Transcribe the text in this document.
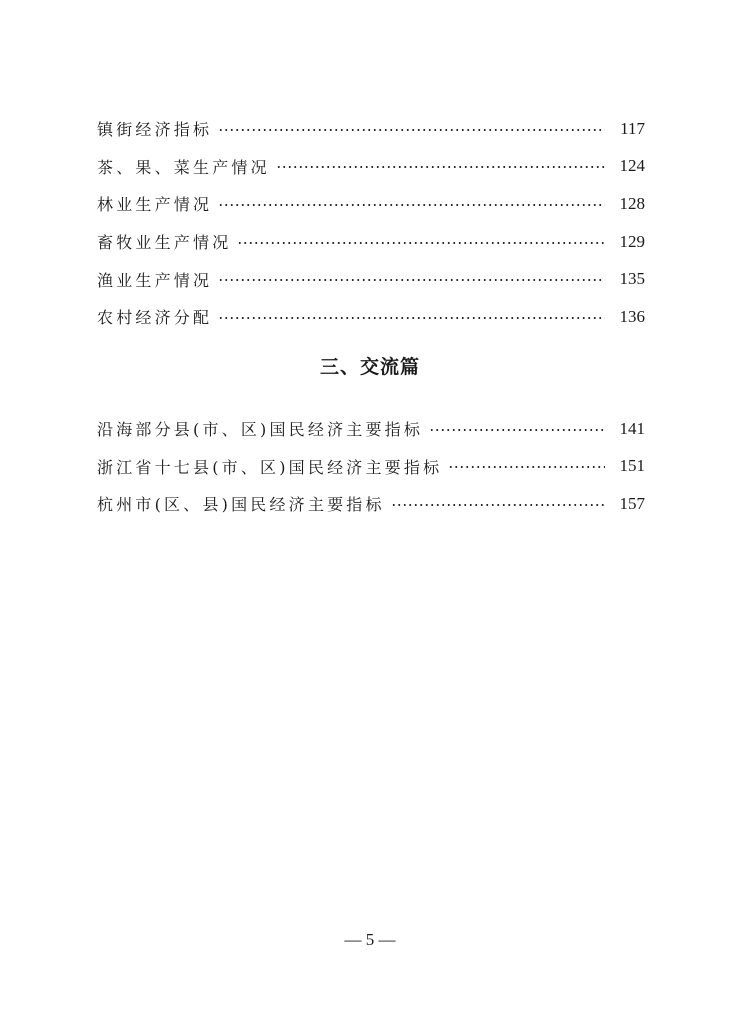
镇街经济指标	117
茶、果、菜生产情况	124
林业生产情况	128
畜牧业生产情况	129
渔业生产情况	135
农村经济分配	136
三、交流篇
沿海部分县(市、区)国民经济主要指标	141
浙江省十七县(市、区)国民经济主要指标	151
杭州市(区、县)国民经济主要指标	157
— 5 —
